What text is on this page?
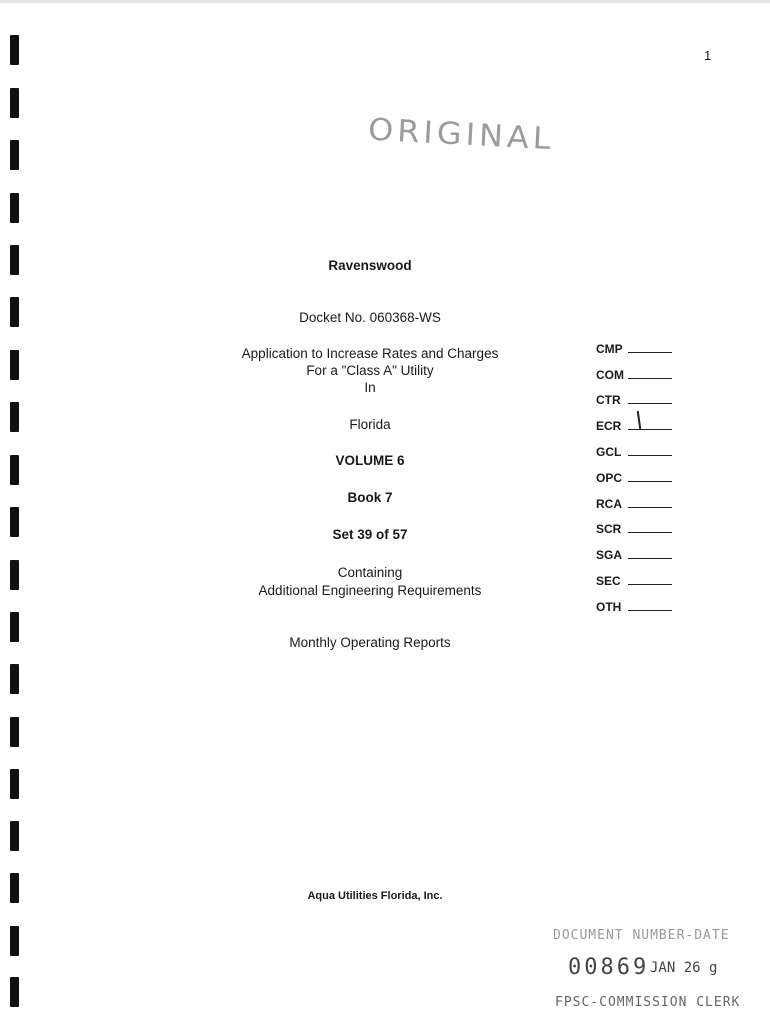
1
ORIGINAL
Ravenswood
Docket No. 060368-WS
Application to Increase Rates and Charges
For a "Class A" Utility
In
Florida
VOLUME 6
Book 7
Set 39 of 57
Containing
Additional Engineering Requirements
Monthly Operating Reports
CMP
COM
CTR
ECR
GCL
OPC
RCA
SCR
SGA
SEC
OTH
Aqua Utilities Florida, Inc.
DOCUMENT NUMBER-DATE
00869 JAN 26 g
FPSC-COMMISSION CLERK
